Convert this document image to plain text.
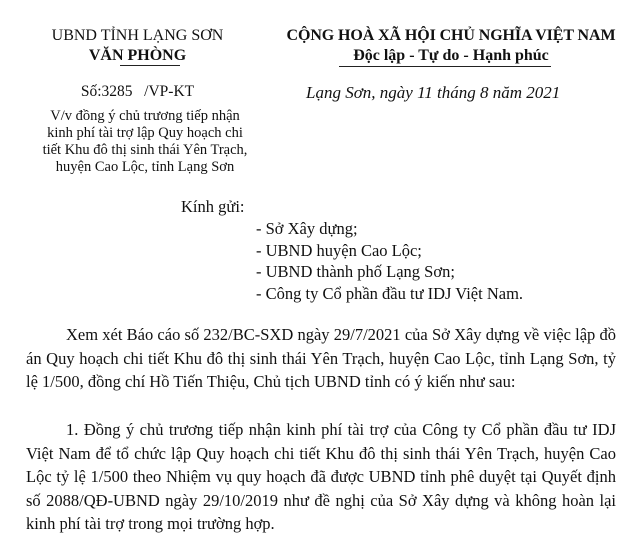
UBND TỈNH LẠNG SƠN
VĂN PHÒNG
Số:3285   /VP-KT
V/v đồng ý chủ trương tiếp nhận
kinh phí tài trợ lập Quy hoạch chi
tiết Khu đô thị sinh thái Yên Trạch,
huyện Cao Lộc, tỉnh Lạng Sơn
CỘNG HOÀ XÃ HỘI CHỦ NGHĨA VIỆT NAM
Độc lập - Tự do - Hạnh phúc
Lạng Sơn, ngày 11 tháng 8 năm 2021
Kính gửi:
- Sở Xây dựng;
- UBND huyện Cao Lộc;
- UBND thành phố Lạng Sơn;
- Công ty Cổ phần đầu tư IDJ Việt Nam.
Xem xét Báo cáo số 232/BC-SXD ngày 29/7/2021 của Sở Xây dựng về việc lập đồ án Quy hoạch chi tiết Khu đô thị sinh thái Yên Trạch, huyện Cao Lộc, tỉnh Lạng Sơn, tỷ lệ 1/500, đồng chí Hồ Tiến Thiệu, Chủ tịch UBND tỉnh có ý kiến như sau:
1. Đồng ý chủ trương tiếp nhận kinh phí tài trợ của Công ty Cổ phần đầu tư IDJ Việt Nam để tổ chức lập Quy hoạch chi tiết Khu đô thị sinh thái Yên Trạch, huyện Cao Lộc tỷ lệ 1/500 theo Nhiệm vụ quy hoạch đã được UBND tỉnh phê duyệt tại Quyết định số 2088/QĐ-UBND ngày 29/10/2019 như đề nghị của Sở Xây dựng và không hoàn lại kinh phí tài trợ trong mọi trường hợp.
